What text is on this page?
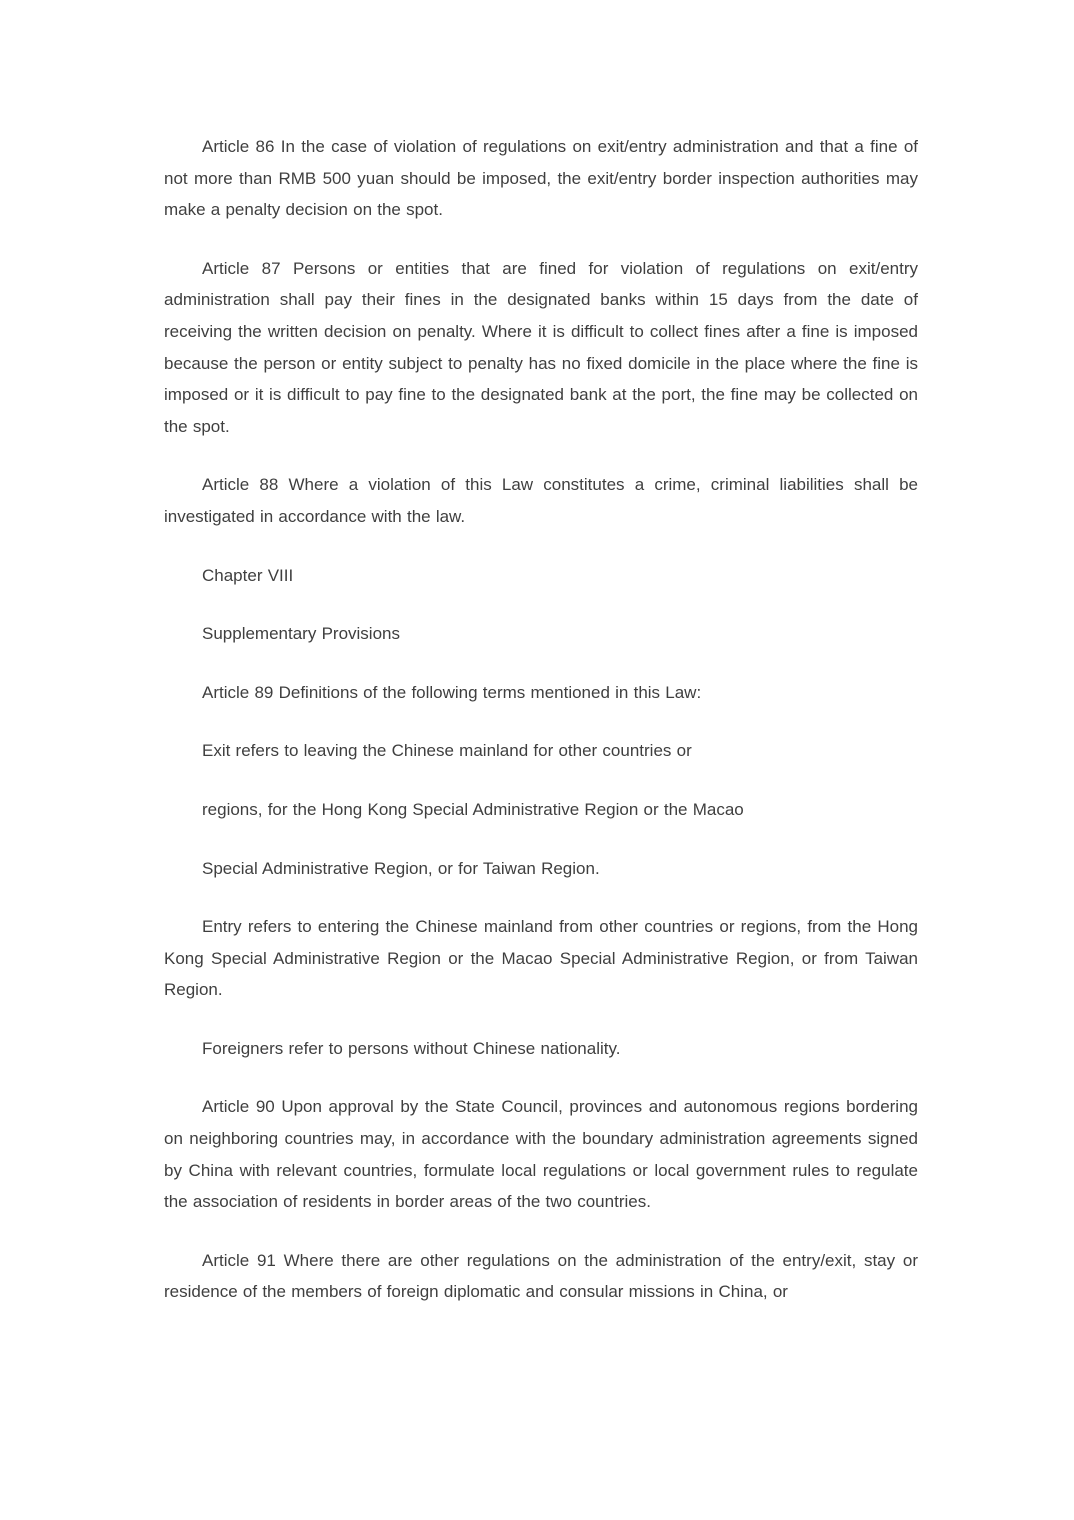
Article 86 In the case of violation of regulations on exit/entry administration and that a fine of not more than RMB 500 yuan should be imposed, the exit/entry border inspection authorities may make a penalty decision on the spot.

Article 87 Persons or entities that are fined for violation of regulations on exit/entry administration shall pay their fines in the designated banks within 15 days from the date of receiving the written decision on penalty. Where it is difficult to collect fines after a fine is imposed because the person or entity subject to penalty has no fixed domicile in the place where the fine is imposed or it is difficult to pay fine to the designated bank at the port, the fine may be collected on the spot.

Article 88 Where a violation of this Law constitutes a crime, criminal liabilities shall be investigated in accordance with the law.

Chapter VIII

Supplementary Provisions

Article 89 Definitions of the following terms mentioned in this Law:

Exit refers to leaving the Chinese mainland for other countries or

regions, for the Hong Kong Special Administrative Region or the Macao

Special Administrative Region, or for Taiwan Region.

Entry refers to entering the Chinese mainland from other countries or regions, from the Hong Kong Special Administrative Region or the Macao Special Administrative Region, or from Taiwan Region.

Foreigners refer to persons without Chinese nationality.

Article 90 Upon approval by the State Council, provinces and autonomous regions bordering on neighboring countries may, in accordance with the boundary administration agreements signed by China with relevant countries, formulate local regulations or local government rules to regulate the association of residents in border areas of the two countries.

Article 91 Where there are other regulations on the administration of the entry/exit, stay or residence of the members of foreign diplomatic and consular missions in China, or
